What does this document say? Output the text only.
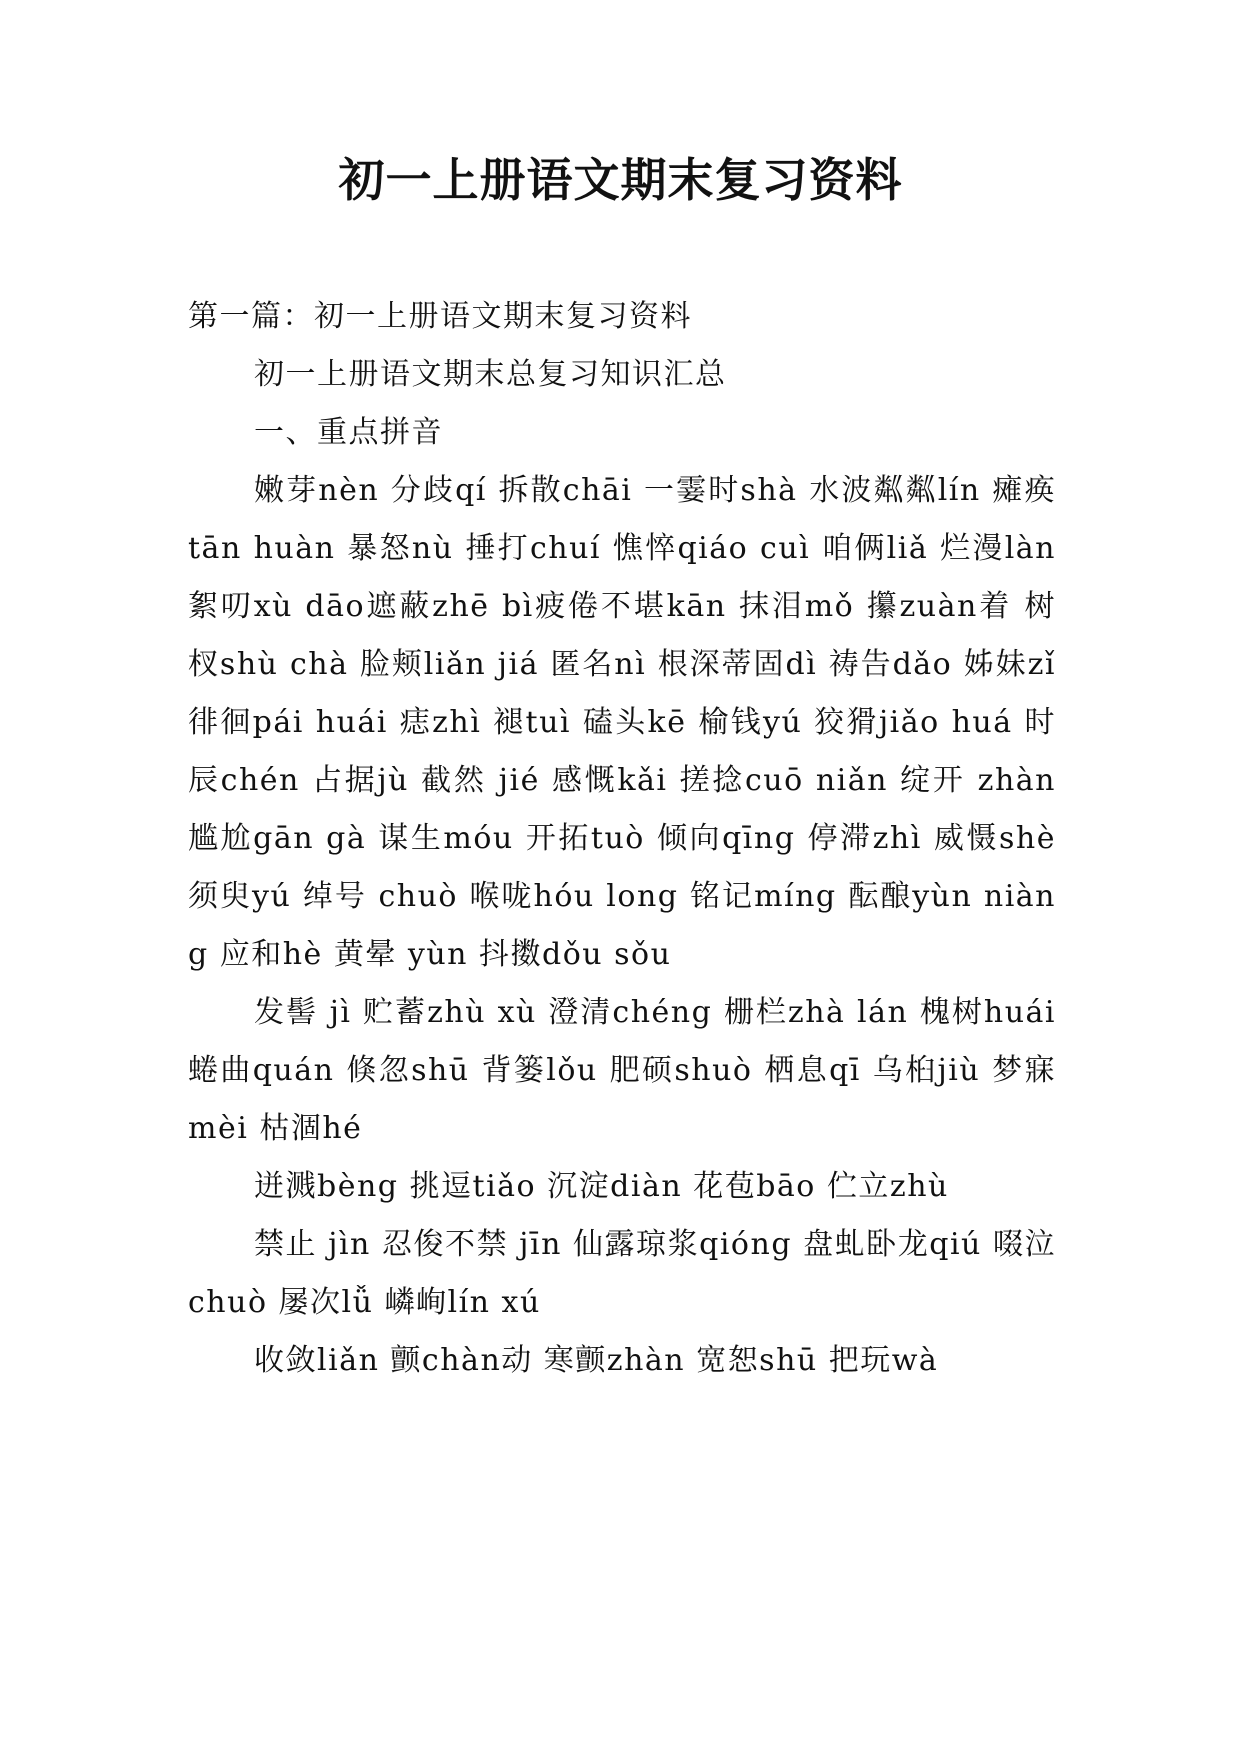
初一上册语文期末复习资料

第一篇：初一上册语文期末复习资料

初一上册语文期末总复习知识汇总

一、重点拼音

嫩芽nèn 分歧qí 拆散chāi 一霎时shà 水波粼粼lín 瘫痪tān huàn 暴怒nù 捶打chuí 憔悴qiáo cuì 咱俩liǎ 烂漫làn 絮叨xù dāo遮蔽zhē bì疲倦不堪kān 抹泪mǒ 攥zuàn着 树杈shù chà 脸颊liǎn jiá 匿名nì 根深蒂固dì 祷告dǎo 姊妹zǐ 徘徊pái huái 痣zhì 褪tuì 磕头kē 榆钱yú 狡猾jiǎo huá 时辰chén 占据jù 截然 jié 感慨kǎi 搓捻cuō niǎn 绽开 zhàn 尴尬gān gà 谋生móu 开拓tuò 倾向qīng 停滞zhì 威慑shè 须臾yú 绰号 chuò 喉咙hóu long 铭记míng 酝酿yùn niàng 应和hè 黄晕 yùn 抖擞dǒu sǒu

发髻 jì 贮蓄zhù xù 澄清chéng 栅栏zhà lán 槐树huái 蜷曲quán 倏忽shū 背篓lǒu 肥硕shuò 栖息qī 乌桕jiù 梦寐mèi 枯涸hé

迸溅bèng 挑逗tiǎo 沉淀diàn 花苞bāo 伫立zhù

禁止 jìn 忍俊不禁 jīn 仙露琼浆qióng 盘虬卧龙qiú 啜泣chuò 屡次lǚ 嶙峋lín xú

收敛liǎn 颤chàn动 寒颤zhàn 宽恕shū 把玩wà
